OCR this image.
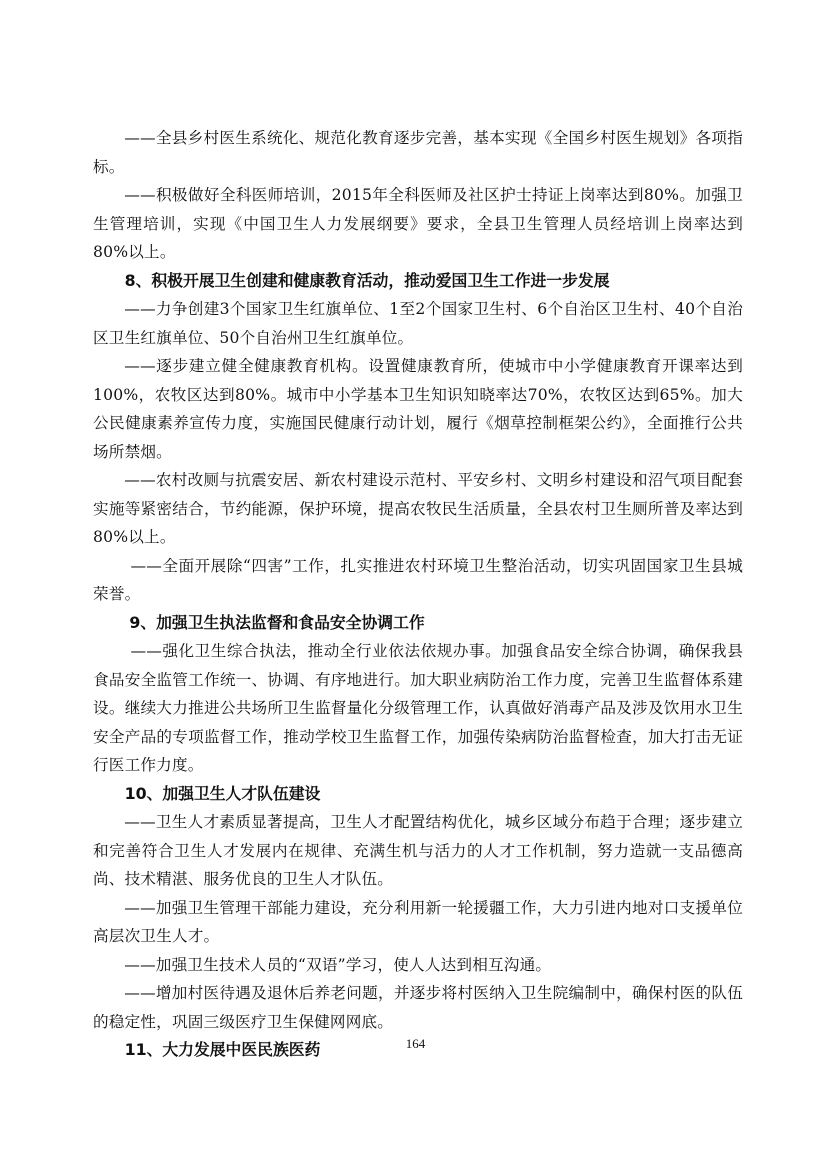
——全县乡村医生系统化、规范化教育逐步完善，基本实现《全国乡村医生规划》各项指标。

——积极做好全科医师培训，2015年全科医师及社区护士持证上岗率达到80%。加强卫生管理培训，实现《中国卫生人力发展纲要》要求，全县卫生管理人员经培训上岗率达到80%以上。

8、积极开展卫生创建和健康教育活动，推动爱国卫生工作进一步发展

——力争创建3个国家卫生红旗单位、1至2个国家卫生村、6个自治区卫生村、40个自治区卫生红旗单位、50个自治州卫生红旗单位。

——逐步建立健全健康教育机构。设置健康教育所，使城市中小学健康教育开课率达到100%，农牧区达到80%。城市中小学基本卫生知识知晓率达70%，农牧区达到65%。加大公民健康素养宣传力度，实施国民健康行动计划，履行《烟草控制框架公约》，全面推行公共场所禁烟。

——农村改厕与抗震安居、新农村建设示范村、平安乡村、文明乡村建设和沼气项目配套实施等紧密结合，节约能源，保护环境，提高农牧民生活质量，全县农村卫生厕所普及率达到80%以上。

——全面开展除“四害”工作，扎实推进农村环境卫生整治活动，切实巩固国家卫生县城荣誉。

9、加强卫生执法监督和食品安全协调工作

——强化卫生综合执法，推动全行业依法依规办事。加强食品安全综合协调，确保我县食品安全监管工作统一、协调、有序地进行。加大职业病防治工作力度，完善卫生监督体系建设。继续大力推进公共场所卫生监督量化分级管理工作，认真做好消毒产品及涉及饮用水卫生安全产品的专项监督工作，推动学校卫生监督工作，加强传染病防治监督检查，加大打击无证行医工作力度。

10、加强卫生人才队伍建设

——卫生人才素质显著提高，卫生人才配置结构优化，城乡区域分布趋于合理；逐步建立和完善符合卫生人才发展内在规律、充满生机与活力的人才工作机制，努力造就一支品德高尚、技术精湛、服务优良的卫生人才队伍。

——加强卫生管理干部能力建设，充分利用新一轮援疆工作，大力引进内地对口支援单位高层次卫生人才。

——加强卫生技术人员的“双语”学习，使人人达到相互沟通。

——增加村医待遇及退休后养老问题，并逐步将村医纳入卫生院编制中，确保村医的队伍的稳定性，巩固三级医疗卫生保健网网底。

11、大力发展中医民族医药	164
